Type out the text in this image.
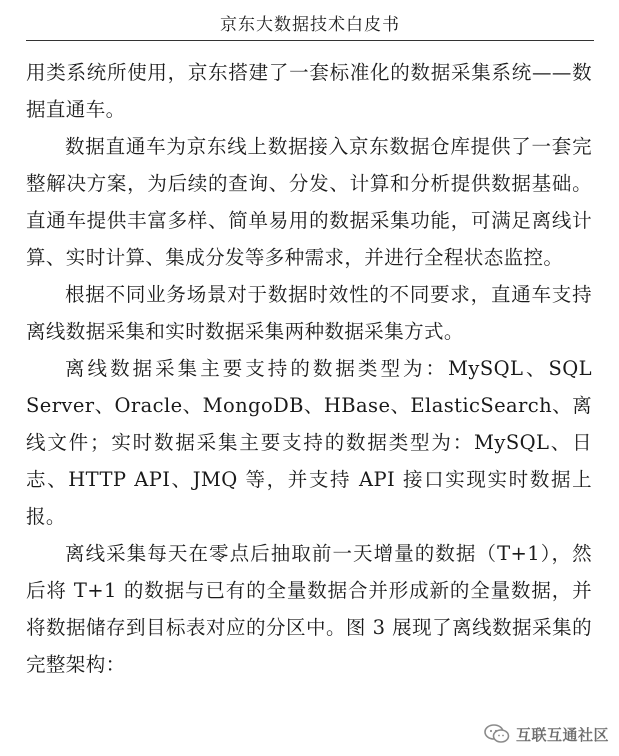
京东大数据技术白皮书

用类系统所使用，京东搭建了一套标准化的数据采集系统——数据直通车。

数据直通车为京东线上数据接入京东数据仓库提供了一套完整解决方案，为后续的查询、分发、计算和分析提供数据基础。直通车提供丰富多样、简单易用的数据采集功能，可满足离线计算、实时计算、集成分发等多种需求，并进行全程状态监控。

根据不同业务场景对于数据时效性的不同要求，直通车支持离线数据采集和实时数据采集两种数据采集方式。

离线数据采集主要支持的数据类型为：MySQL、SQL Server、Oracle、MongoDB、HBase、ElasticSearch、离线文件；实时数据采集主要支持的数据类型为：MySQL、日志、HTTP API、JMQ 等，并支持 API 接口实现实时数据上报。

离线采集每天在零点后抽取前一天增量的数据（T+1），然后将 T+1 的数据与已有的全量数据合并形成新的全量数据，并将数据储存到目标表对应的分区中。图 3 展现了离线数据采集的完整架构：

互联互通社区
